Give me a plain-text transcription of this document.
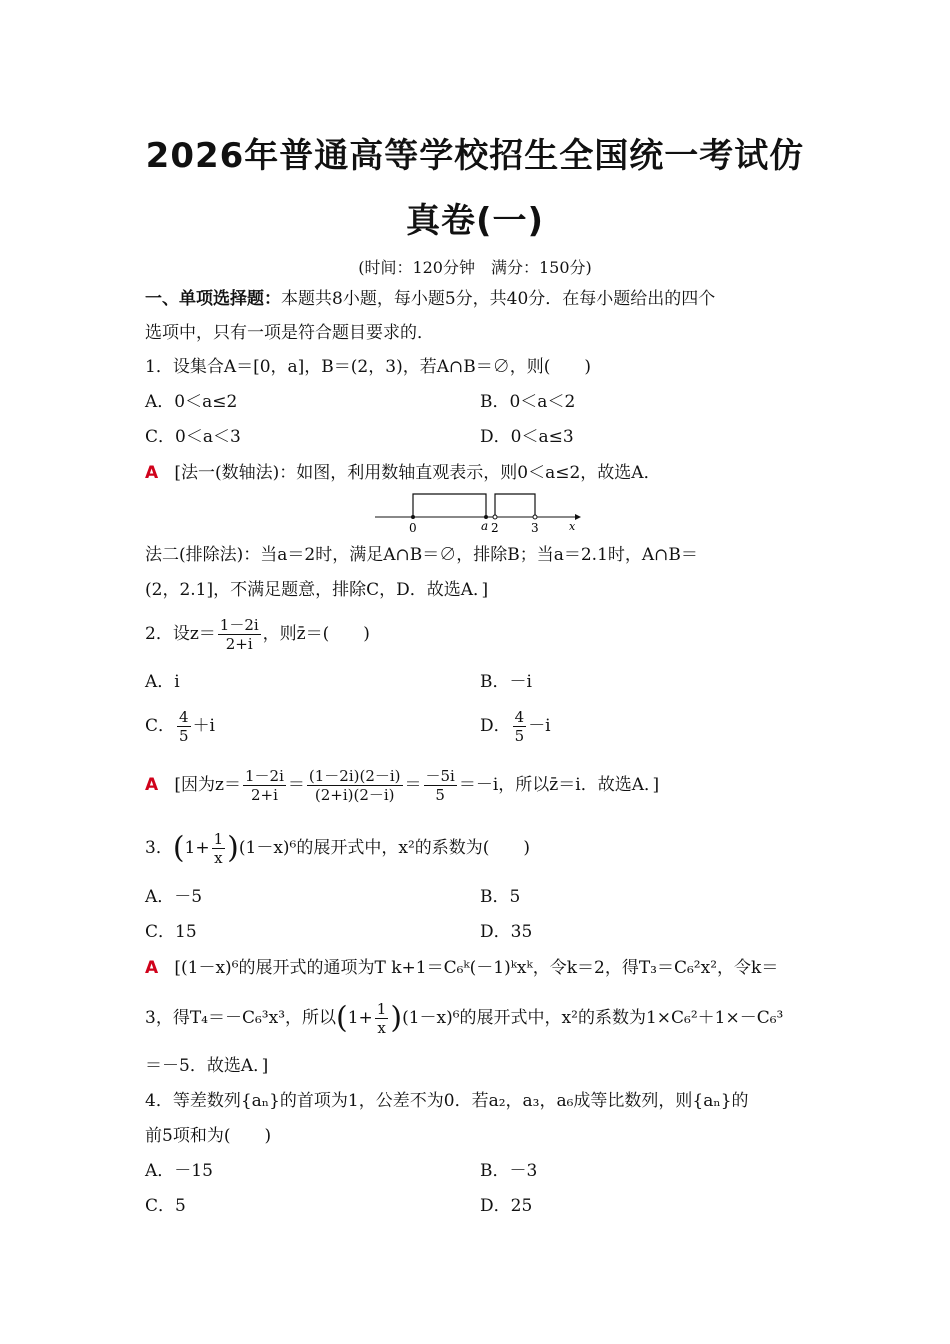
2026年普通高等学校招生全国统一考试仿
真卷(一)
(时间：120分钟　满分：150分)
一、单项选择题：本题共8小题，每小题5分，共40分．在每小题给出的四个
选项中，只有一项是符合题目要求的．
1．设集合A＝[0，a]，B＝(2，3)，若A∩B＝∅，则(　　)
A．0＜a≤2	B．0＜a＜2
C．0＜a＜3	D．0＜a≤3
A [法一(数轴法)：如图，利用数轴直观表示，则0＜a≤2，故选A．
0	a 2	3	x
法二(排除法)：当a＝2时，满足A∩B＝∅，排除B；当a＝2.1时，A∩B＝
(2，2.1]，不满足题意，排除C，D．故选A．]
2．设$z= \frac{1-2i}{2+i}$ ，则z̄＝(　　)
A．i	B．－i
C． $\frac{4}{5} +i$	D． $\frac{4}{5} -i$
A [因为$z= \frac{1-2i}{2+i} = \frac{(1-2i)(2-i)}{(2+i)(2-i)} = \frac{-5i}{5} =-i$，所以z̄＝i．故选A．]
3．$(1+ \frac{1}{x} )(1-x)^6$的展开式中，x²的系数为(　　)
A．－5	B．5
C．15	D．35
A [(1－x)⁶的展开式的通项为T k+1＝C₆ᵏ(－1)ᵏxᵏ，令k＝2，得T₃＝C₆²x²，令k＝
3，得T₄＝－C₆³x³，所以$(1+ \frac{1}{x} )(1-x)^6$的展开式中，x²的系数为1×C₆²＋1×－C₆³
＝－5．故选A．]
4．等差数列{aₙ}的首项为1，公差不为0．若a₂，a₃，a₆成等比数列，则{aₙ}的
前5项和为(　　)
A．－15	B．－3
C．5	D．25
